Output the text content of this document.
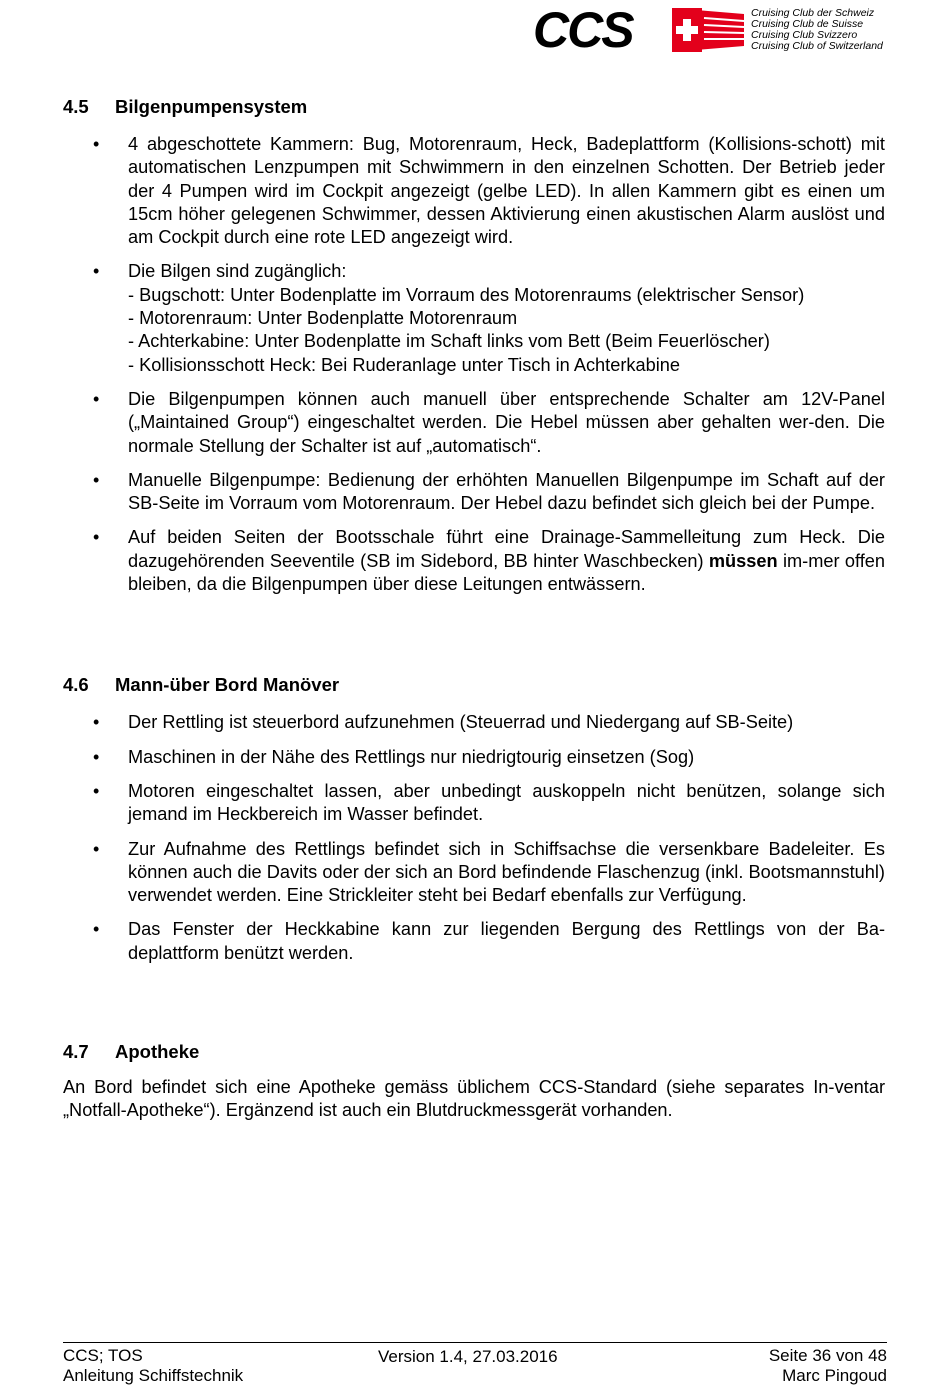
CCS	Cruising Club der Schweiz
Cruising Club de Suisse
Cruising Club Svizzero
Cruising Club of Switzerland
4.5	Bilgenpumpensystem
• 4 abgeschottete Kammern: Bug, Motorenraum, Heck, Badeplattform (Kollisions-schott) mit automatischen Lenzpumpen mit Schwimmern in den einzelnen Schotten. Der Betrieb jeder der 4 Pumpen wird im Cockpit angezeigt (gelbe LED). In allen Kammern gibt es einen um 15cm höher gelegenen Schwimmer, dessen Aktivierung einen akustischen Alarm auslöst und am Cockpit durch eine rote LED angezeigt wird.
• Die Bilgen sind zugänglich:
- Bugschott: Unter Bodenplatte im Vorraum des Motorenraums (elektrischer Sensor)
- Motorenraum: Unter Bodenplatte Motorenraum
- Achterkabine: Unter Bodenplatte im Schaft links vom Bett (Beim Feuerlöscher)
- Kollisionsschott Heck: Bei Ruderanlage unter Tisch in Achterkabine
• Die Bilgenpumpen können auch manuell über entsprechende Schalter am 12V-Panel („Maintained Group“) eingeschaltet werden. Die Hebel müssen aber gehalten wer-den. Die normale Stellung der Schalter ist auf „automatisch“.
• Manuelle Bilgenpumpe: Bedienung der erhöhten Manuellen Bilgenpumpe im Schaft auf der SB-Seite im Vorraum vom Motorenraum. Der Hebel dazu befindet sich gleich bei der Pumpe.
• Auf beiden Seiten der Bootsschale führt eine Drainage-Sammelleitung zum Heck. Die dazugehörenden Seeventile (SB im Sidebord, BB hinter Waschbecken) müssen im-mer offen bleiben, da die Bilgenpumpen über diese Leitungen entwässern.
4.6	Mann-über Bord Manöver
• Der Rettling ist steuerbord aufzunehmen (Steuerrad und Niedergang auf SB-Seite)
• Maschinen in der Nähe des Rettlings nur niedrigtourig einsetzen (Sog)
• Motoren eingeschaltet lassen, aber unbedingt auskoppeln nicht benützen, solange sich jemand im Heckbereich im Wasser befindet.
• Zur Aufnahme des Rettlings befindet sich in Schiffsachse die versenkbare Badeleiter. Es können auch die Davits oder der sich an Bord befindende Flaschenzug (inkl. Bootsmannstuhl) verwendet werden. Eine Strickleiter steht bei Bedarf ebenfalls zur Verfügung.
• Das Fenster der Heckkabine kann zur liegenden Bergung des Rettlings von der Ba-deplattform benützt werden.
4.7	Apotheke

An Bord befindet sich eine Apotheke gemäss üblichem CCS-Standard (siehe separates In-ventar „Notfall-Apotheke“). Ergänzend ist auch ein Blutdruckmessgerät vorhanden.

CCS; TOS	Seite 36 von 48
Anleitung Schiffstechnik	Marc Pingoud
Version 1.4, 27.03.2016
